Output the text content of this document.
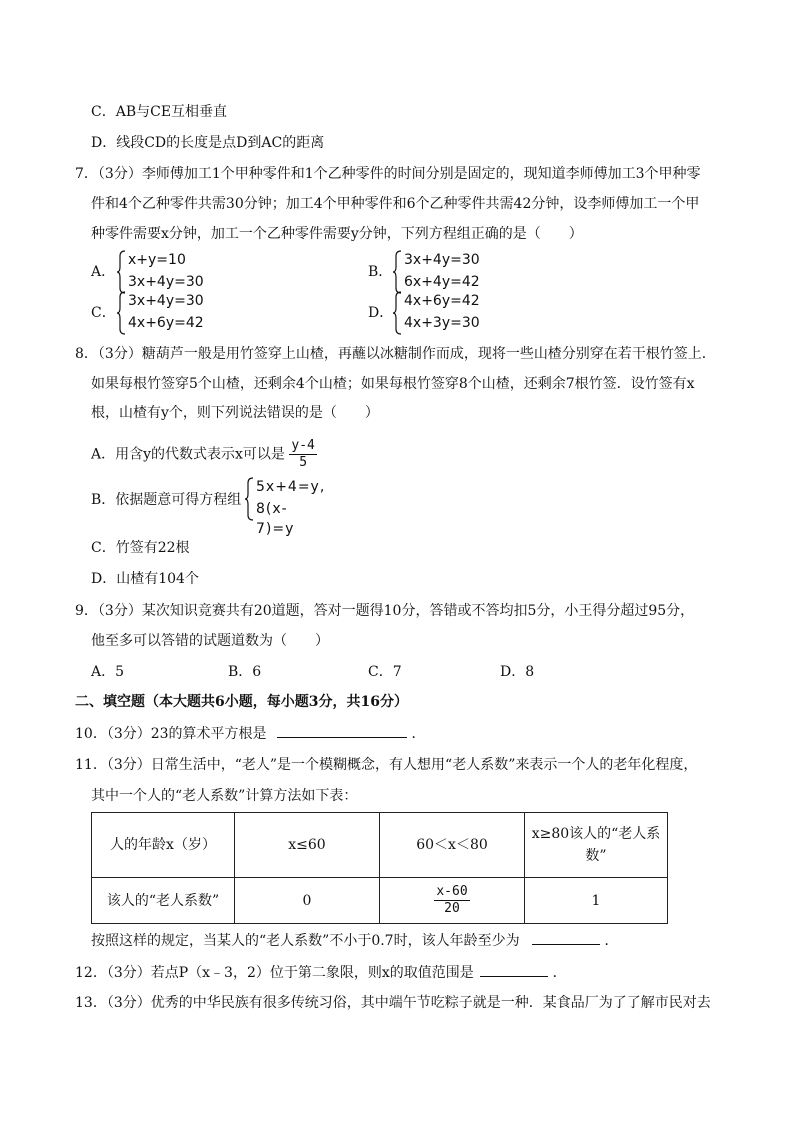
C．AB与CE互相垂直
D．线段CD的长度是点D到AC的距离
7．（3分）李师傅加工1个甲种零件和1个乙种零件的时间分别是固定的，现知道李师傅加工3个甲种零
件和4个乙种零件共需30分钟；加工4个甲种零件和6个乙种零件共需42分钟，设李师傅加工一个甲
种零件需要x分钟，加工一个乙种零件需要y分钟，下列方程组正确的是（　　）
A．
x+y=10
3x+4y=30
B．
3x+4y=30
6x+4y=42
C．
3x+4y=30
4x+6y=42
D．
4x+6y=42
4x+3y=30
8．（3分）糖葫芦一般是用竹签穿上山楂，再蘸以冰糖制作而成，现将一些山楂分别穿在若干根竹签上．
如果每根竹签穿5个山楂，还剩余4个山楂；如果每根竹签穿8个山楂，还剩余7根竹签．设竹签有x
根，山楂有y个，则下列说法错误的是（　　）
A．用含y的代数式表示x可以是 $\frac{y-4}{5}$
B．依据题意可得方程组
5x+4=y,
8(x-7)=y
C．竹签有22根
D．山楂有104个
9．（3分）某次知识竞赛共有20道题，答对一题得10分，答错或不答均扣5分，小王得分超过95分，
他至多可以答错的试题道数为（　　）
A．5	B．6	C．7	D．8
二、填空题（本大题共6小题，每小题3分，共16分）
10．（3分）23的算术平方根是	．
11．（3分）日常生活中，“老人”是一个模糊概念，有人想用“老人系数”来表示一个人的老年化程度，
其中一个人的“老人系数”计算方法如下表：
人的年龄x（岁）	x≤60	60＜x＜80	x≥80该人的“老人系
数”

该人的“老人系数”	0	$\frac{x-60}{20}$	1
按照这样的规定，当某人的“老人系数”不小于0.7时，该人年龄至少为	．
12．（3分）若点P（x﹣3，2）位于第二象限，则x的取值范围是	．
13．（3分）优秀的中华民族有很多传统习俗，其中端午节吃粽子就是一种．某食品厂为了了解市民对去
